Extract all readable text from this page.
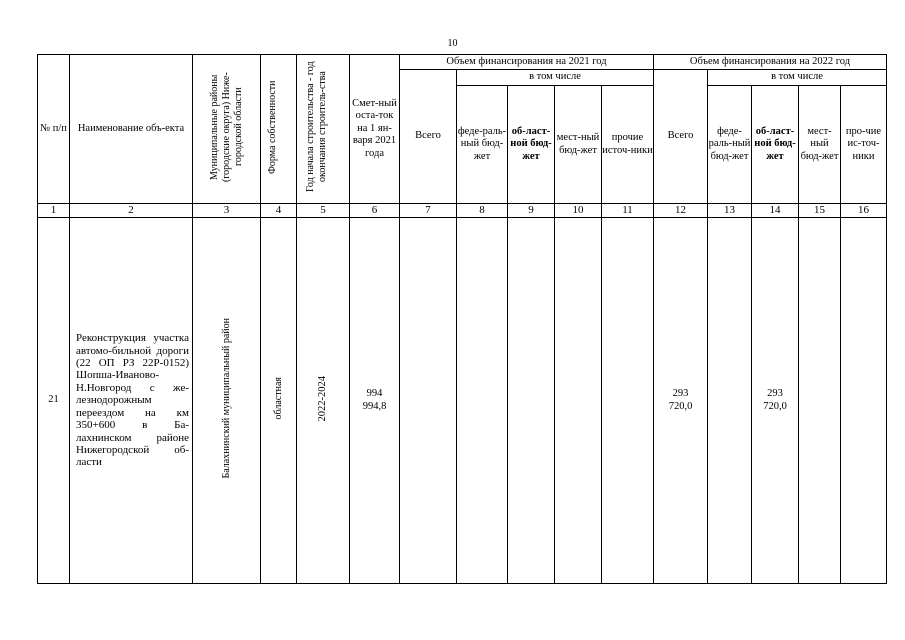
10
№ п/п	Наименование объ-екта	Муниципальные районы (городские округа) Ниже-городской области	Форма собственности	Год начала строительства - год окончания строитель-ства	Смет-ный оста-ток на 1 ян-варя 2021 года	Объем финансирования на 2021 год					Объем финансирования на 2022 год				
						Всего	в том числе				Всего	в том числе			
							феде-раль-ный бюд-жет	об-ласт-ной бюд-жет	мест-ный бюд-жет	прочие источ-ники		феде-раль-ный бюд-жет	об-ласт-ной бюд-жет	мест-ный бюд-жет	про-чие ис-точ-ники
1	2	3	4	5	6	7	8	9	10	11	12	13	14	15	16
21	Реконструкция участка автомо-бильной дороги (22 ОП РЗ 22Р-0152) Шопша-Иваново-Н.Новгород с же-лезнодорожным переездом на км 350+600 в Ба-лахнинском районе Нижегородской об-ласти	Балахнинский муниципальный район	областная	2022-2024	994 994,8						293 720,0		293 720,0		
